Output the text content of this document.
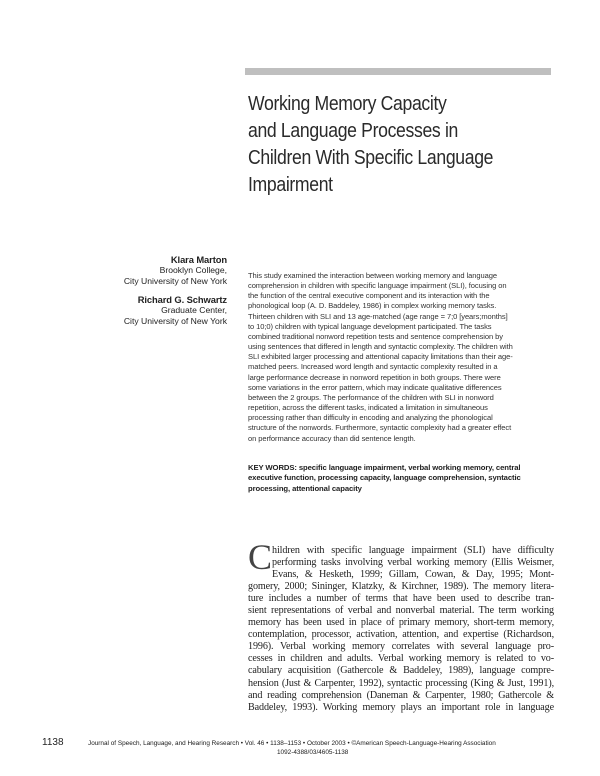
Working Memory Capacity
and Language Processes in
Children With Specific Language
Impairment
Klara Marton
Brooklyn College,
City University of New York
Richard G. Schwartz
Graduate Center,
City University of New York
This study examined the interaction between working memory and language
comprehension in children with specific language impairment (SLI), focusing on
the function of the central executive component and its interaction with the
phonological loop (A. D. Baddeley, 1986) in complex working memory tasks.
Thirteen children with SLI and 13 age-matched (age range = 7;0 [years;months]
to 10;0) children with typical language development participated. The tasks
combined traditional nonword repetition tests and sentence comprehension by
using sentences that differed in length and syntactic complexity. The children with
SLI exhibited larger processing and attentional capacity limitations than their age-
matched peers. Increased word length and syntactic complexity resulted in a
large performance decrease in nonword repetition in both groups. There were
some variations in the error pattern, which may indicate qualitative differences
between the 2 groups. The performance of the children with SLI in nonword
repetition, across the different tasks, indicated a limitation in simultaneous
processing rather than difficulty in encoding and analyzing the phonological
structure of the nonwords. Furthermore, syntactic complexity had a greater effect
on performance accuracy than did sentence length.
KEY WORDS: specific language impairment, verbal working memory, central
executive function, processing capacity, language comprehension, syntactic
processing, attentional capacity
C hildren with specific language impairment (SLI) have difficulty
performing tasks involving verbal working memory (Ellis Weismer,
Evans, & Hesketh, 1999; Gillam, Cowan, & Day, 1995; Mont-
gomery, 2000; Sininger, Klatzky, & Kirchner, 1989). The memory litera-
ture includes a number of terms that have been used to describe tran-
sient representations of verbal and nonverbal material. The term working
memory has been used in place of primary memory, short-term memory,
contemplation, processor, activation, attention, and expertise (Richardson,
1996). Verbal working memory correlates with several language pro-
cesses in children and adults. Verbal working memory is related to vo-
cabulary acquisition (Gathercole & Baddeley, 1989), language compre-
hension (Just & Carpenter, 1992), syntactic processing (King & Just, 1991),
and reading comprehension (Daneman & Carpenter, 1980; Gathercole &
Baddeley, 1993). Working memory plays an important role in language
1138	Journal of Speech, Language, and Hearing Research • Vol. 46 • 1138–1153 • October 2003 • ©American Speech-Language-Hearing Association
1092-4388/03/4605-1138
